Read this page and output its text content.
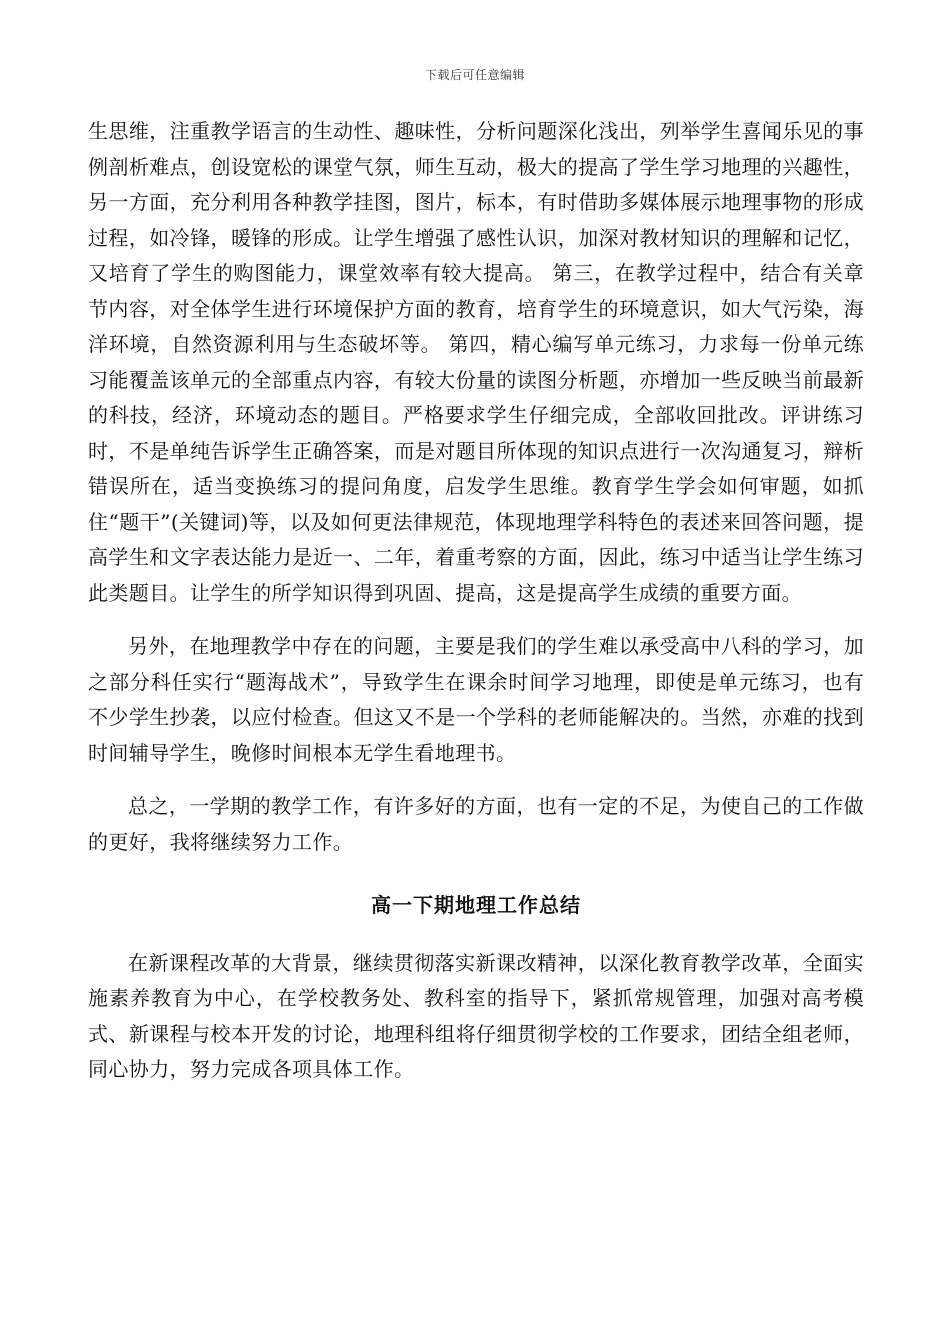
下载后可任意编辑

生思维，注重教学语言的生动性、趣味性，分析问题深化浅出，列举学生喜闻乐见的事例剖析难点，创设宽松的课堂气氛，师生互动，极大的提高了学生学习地理的兴趣性，另一方面，充分利用各种教学挂图，图片，标本，有时借助多媒体展示地理事物的形成过程，如冷锋，暖锋的形成。让学生增强了感性认识，加深对教材知识的理解和记忆，又培育了学生的购图能力，课堂效率有较大提高。 第三，在教学过程中，结合有关章节内容，对全体学生进行环境保护方面的教育，培育学生的环境意识，如大气污染，海洋环境，自然资源利用与生态破坏等。 第四，精心编写单元练习，力求每一份单元练习能覆盖该单元的全部重点内容，有较大份量的读图分析题，亦增加一些反映当前最新的科技，经济，环境动态的题目。严格要求学生仔细完成，全部收回批改。评讲练习时，不是单纯告诉学生正确答案，而是对题目所体现的知识点进行一次沟通复习，辩析错误所在，适当变换练习的提问角度，启发学生思维。教育学生学会如何审题，如抓住“题干”(关键词)等，以及如何更法律规范，体现地理学科特色的表述来回答问题，提高学生和文字表达能力是近一、二年，着重考察的方面，因此，练习中适当让学生练习此类题目。让学生的所学知识得到巩固、提高，这是提高学生成绩的重要方面。

另外，在地理教学中存在的问题，主要是我们的学生难以承受高中八科的学习，加之部分科任实行“题海战术”，导致学生在课余时间学习地理，即使是单元练习，也有不少学生抄袭，以应付检查。但这又不是一个学科的老师能解决的。当然，亦难的找到时间辅导学生，晚修时间根本无学生看地理书。

总之，一学期的教学工作，有许多好的方面，也有一定的不足，为使自己的工作做的更好，我将继续努力工作。

高一下期地理工作总结

在新课程改革的大背景，继续贯彻落实新课改精神，以深化教育教学改革，全面实施素养教育为中心，在学校教务处、教科室的指导下，紧抓常规管理，加强对高考模式、新课程与校本开发的讨论，地理科组将仔细贯彻学校的工作要求，团结全组老师，同心协力，努力完成各项具体工作。
